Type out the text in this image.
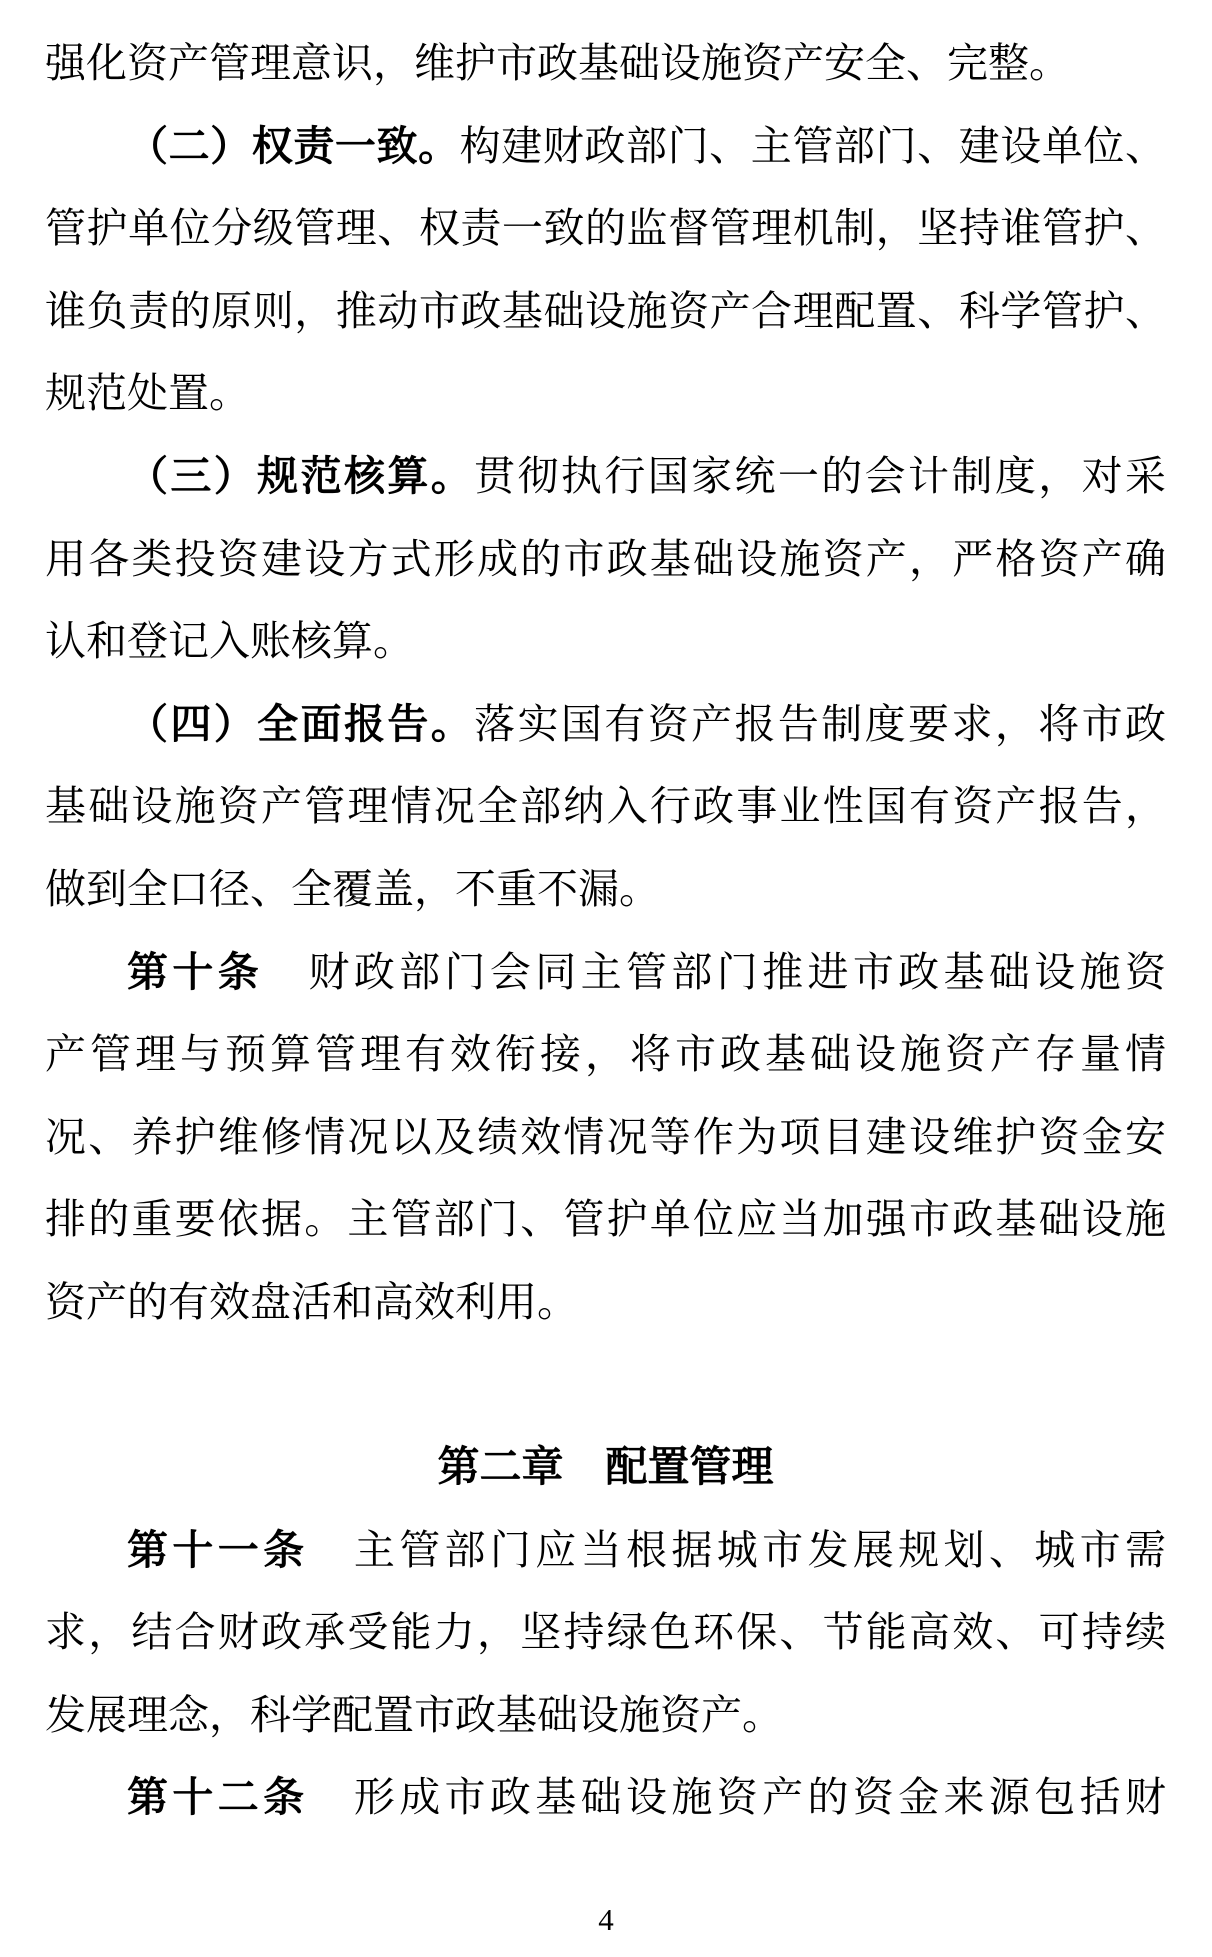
强化资产管理意识，维护市政基础设施资产安全、完整。
（二）权责一致。构建财政部门、主管部门、建设单位、
管护单位分级管理、权责一致的监督管理机制，坚持谁管护、
谁负责的原则，推动市政基础设施资产合理配置、科学管护、
规范处置。
（三）规范核算。贯彻执行国家统一的会计制度，对采
用各类投资建设方式形成的市政基础设施资产，严格资产确
认和登记入账核算。
（四）全面报告。落实国有资产报告制度要求，将市政
基础设施资产管理情况全部纳入行政事业性国有资产报告，
做到全口径、全覆盖，不重不漏。
第十条　财政部门会同主管部门推进市政基础设施资
产管理与预算管理有效衔接，将市政基础设施资产存量情
况、养护维修情况以及绩效情况等作为项目建设维护资金安
排的重要依据。主管部门、管护单位应当加强市政基础设施
资产的有效盘活和高效利用。
第二章　配置管理
第十一条　主管部门应当根据城市发展规划、城市需
求，结合财政承受能力，坚持绿色环保、节能高效、可持续
发展理念，科学配置市政基础设施资产。
第十二条　形成市政基础设施资产的资金来源包括财
4
